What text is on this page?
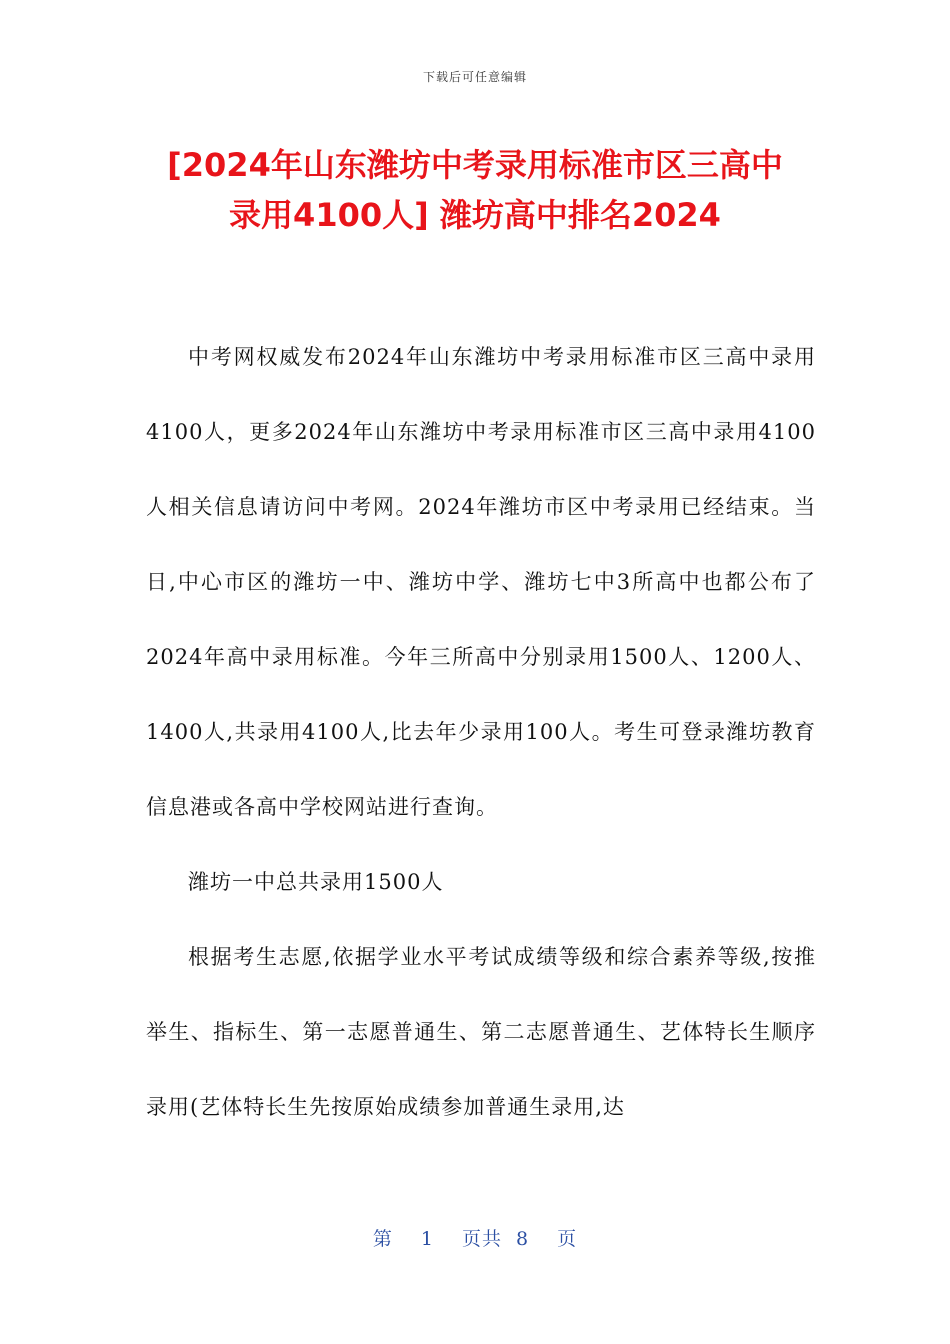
下载后可任意编辑
[2024年山东潍坊中考录用标准市区三高中
录用4100人] 潍坊高中排名2024

中考网权威发布2024年山东潍坊中考录用标准市区三高中录用4100人，更多2024年山东潍坊中考录用标准市区三高中录用4100人相关信息请访问中考网。2024年潍坊市区中考录用已经结束。当日,中心市区的潍坊一中、潍坊中学、潍坊七中3所高中也都公布了2024年高中录用标准。今年三所高中分别录用1500人、1200人、1400人,共录用4100人,比去年少录用100人。考生可登录潍坊教育信息港或各高中学校网站进行查询。

潍坊一中总共录用1500人

根据考生志愿,依据学业水平考试成绩等级和综合素养等级,按推举生、指标生、第一志愿普通生、第二志愿普通生、艺体特长生顺序录用(艺体特长生先按原始成绩参加普通生录用,达

第 1 页共 8 页
